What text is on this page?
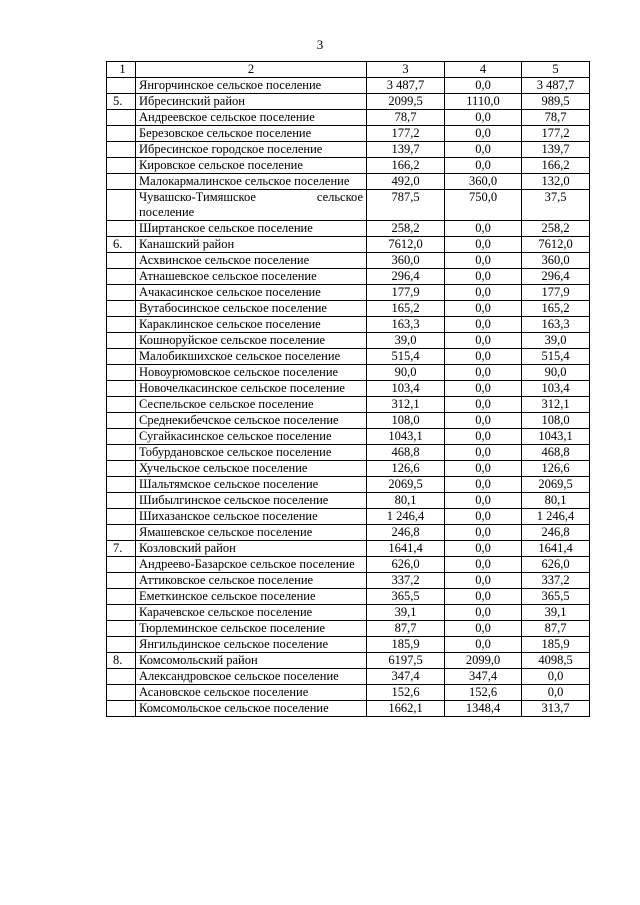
3
1	2	3	4	5
	Янгорчинское сельское поселение	3 487,7	0,0	3 487,7
5.	Ибресинский район	2099,5	1110,0	989,5
	Андреевское сельское поселение	78,7	0,0	78,7
	Березовское сельское поселение	177,2	0,0	177,2
	Ибресинское городское поселение	139,7	0,0	139,7
	Кировское сельское поселение	166,2	0,0	166,2
	Малокармалинское сельское поселение	492,0	360,0	132,0
	Чувашско-Тимяшское сельское поселение	787,5	750,0	37,5
	Ширтанское сельское поселение	258,2	0,0	258,2
6.	Канашский район	7612,0	0,0	7612,0
	Асхвинское сельское поселение	360,0	0,0	360,0
	Атнашевское сельское поселение	296,4	0,0	296,4
	Ачакасинское сельское поселение	177,9	0,0	177,9
	Вутабосинское сельское поселение	165,2	0,0	165,2
	Караклинское сельское поселение	163,3	0,0	163,3
	Кошноруйское сельское поселение	39,0	0,0	39,0
	Малобикшихское сельское поселение	515,4	0,0	515,4
	Новоурюмовское сельское поселение	90,0	0,0	90,0
	Новочелкасинское сельское поселение	103,4	0,0	103,4
	Сеспельское сельское поселение	312,1	0,0	312,1
	Среднекибечское сельское поселение	108,0	0,0	108,0
	Сугайкасинское сельское поселение	1043,1	0,0	1043,1
	Тобурдановское сельское поселение	468,8	0,0	468,8
	Хучельское сельское поселение	126,6	0,0	126,6
	Шальтямское сельское поселение	2069,5	0,0	2069,5
	Шибылгинское сельское поселение	80,1	0,0	80,1
	Шихазанское сельское поселение	1 246,4	0,0	1 246,4
	Ямашевское сельское поселение	246,8	0,0	246,8
7.	Козловский район	1641,4	0,0	1641,4
	Андреево-Базарское сельское поселение	626,0	0,0	626,0
	Аттиковское сельское поселение	337,2	0,0	337,2
	Еметкинское сельское поселение	365,5	0,0	365,5
	Карачевское сельское поселение	39,1	0,0	39,1
	Тюрлеминское сельское поселение	87,7	0,0	87,7
	Янгильдинское сельское поселение	185,9	0,0	185,9
8.	Комсомольский район	6197,5	2099,0	4098,5
	Александровское сельское поселение	347,4	347,4	0,0
	Асановское сельское поселение	152,6	152,6	0,0
	Комсомольское сельское поселение	1662,1	1348,4	313,7
